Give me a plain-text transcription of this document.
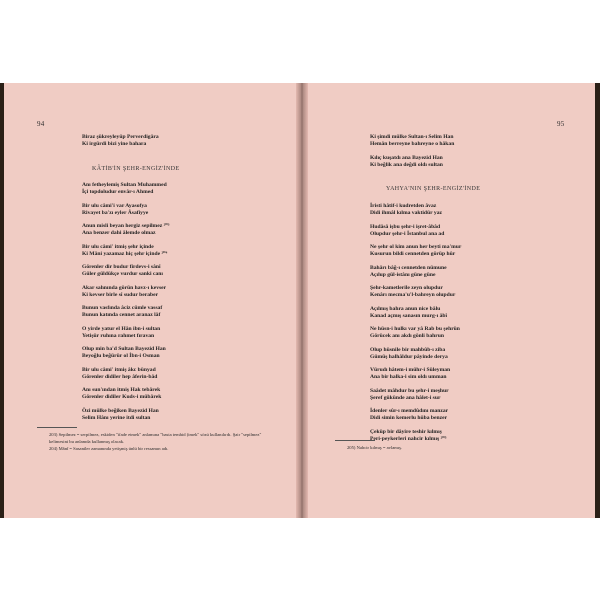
94
Biraz şükreyleyüp Perverdigâra
Ki irgürdi bizi yine bahara
KÂTİB'İN ŞEHR-ENGİZ'İNDE
Anı fetheylemiş Sultan Muhammed
İçi topdoludur envâr-ı Ahmed
Bir ulu câmi'i var Ayasofya
Rivayet ba'zı eyler Âsafiyye
Anun misli beyan hergiz sepilmez ²⁰³
Ana benzer dahi âlemde olmaz
Bir ulu câmi' itmiş şehr içinde
Ki Mâni yazamaz hiç şehr içinde ²⁰⁴
Görenler dir budur firdevs-i sânî
Güler güldükçe vurdur sanki canı
Akar sahnında görün havz-ı kevser
Ki kevser birle sî sudur beraber
Bunun vasfında âciz cümle vassaf
Bunun katında cennet aranaz lâf
O yirde yatur el Hân ibn-i sultan
Yetişür ruhına rahmet fıravan
Olup min ba'd Sultan Bayezid Han
Beyoğlu beğürür ol İbn-i Osman
Bir ulu câmi' itmiş âkc bünyad
Görenler didiler hep âferin-bâd
Anı sun'ından itmiş Hak tebârek
Görenler didiler Kuds-i mübârek
Özi mülke beğiken Bayezid Han
Selim Hânı yerine itdi sultan
203) Sepilmez = serpilmez, eskiden "ifade etmek" anlamına "basta temhid (imek" sözü kullanılırdı. Şair "sepilmez" kelimesini bu anlamda kullanmış olacak.
204) Mânî = Sasaniler zamanında yetişmiş ünlü bir ressamın adı.
95
Ki şimdi mülke Sultan-ı Selim Han
Hemân berreyne bahreyne o hâkan
Kılıç kuşatdı ana Bayezid Han
Ki beğlik ana değdi oldı sultan
YAHYA'NIN ŞEHR-ENGİZ'İNDE
İristi hâtif-i kudretden âvaz
Didi ihmâl kılma vaktidür yaz
Hudâsâ işbu şehr-i işret-âbâd
Olupdur şehr-i İstanbul ana ad
Ne şehr ol kim anun her beyti ma'mur
Kusurun bildi cennetden görüp hûr
Bahârı bâğ-ı cennetden nümune
Açılup gül-istânı güne güne
Şehr-kametlerile zeyn olupdur
Kenârı mecma'u'l-bahreyn olupdur
Açılmış bahra anun nice bâlu
Kanad açmış sanasın murg-ı âbî
Ne hüsn-i hulkı var yâ Rab bu şehrün
Görücek anı akdı gönli bahrun
Olup hüsnile bir mahbûb-ı ziba
Gümüş halhâldur pâyinde derya
Vürudı hâtem-i mühr-i Süleyman
Ana bir halka-i sim oldı umman
Saâdet mâhdur bu şehr-i meşhur
Şeref gûkünde ana hâlet-i sur
İdenler sûr-ı memdûdını manzar
Didi simin kemerlu hûba benzer
Çeküp bir dâyire teshir kılmış
Peri-peykerleri nahcir kılmış ²⁰⁵
205) Nahcir kılmış = avlamış.
